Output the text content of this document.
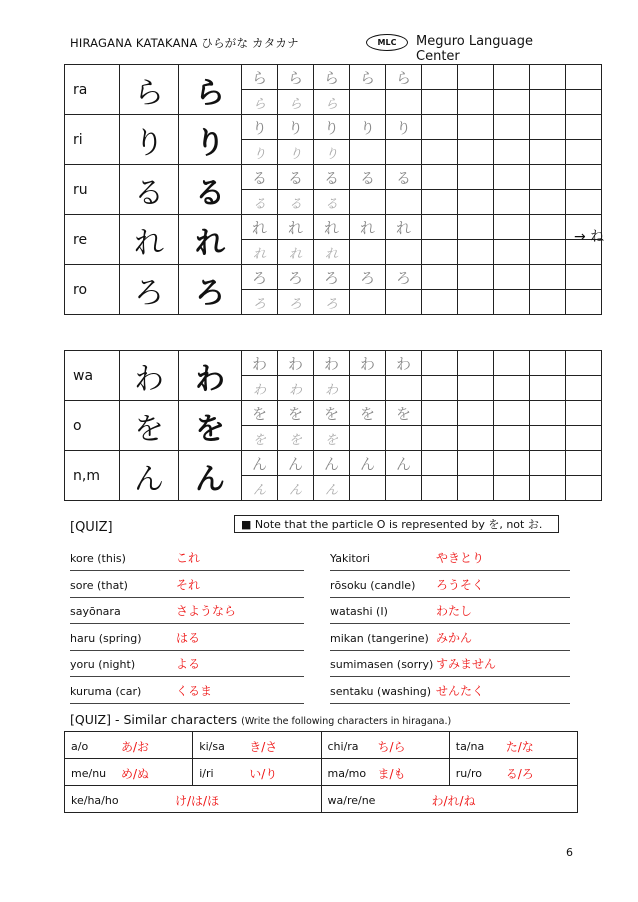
HIRAGANA KATAKANA ひらがな カタカナ	MLC	Meguro Language Center
ra	ら	ら	ら	ら	ら	ら	ら					
			ら	ら	ら							
ri	り	り	り	り	り	り	り					
			り	り	り							
ru	る	る	る	る	る	る	る					
			る	る	る							
re	れ	れ	れ	れ	れ	れ	れ					
			れ	れ	れ							
ro	ろ	ろ	ろ	ろ	ろ	ろ	ろ					
			ろ	ろ	ろ							
→ ね
wa	わ	わ	わ	わ	わ	わ	わ					
			わ	わ	わ							
o	を	を	を	を	を	を	を					
			を	を	を							
n,m	ん	ん	ん	ん	ん	ん	ん					
			ん	ん	ん							
[QUIZ]	■ Note that the particle O is represented by を, not お.
kore (this)	これ	Yakitori	やきとり
sore (that)	それ	rōsoku (candle) ろうそく
sayōnara	さようなら	watashi (I)	わたし
haru (spring)	はる	mikan (tangerine) みかん
yoru (night)	よる	sumimasen (sorry) すみません
kuruma (car)	くるま	sentaku (washing) せんたく
[QUIZ] - Similar characters (Write the following characters in hiragana.)
a/o あ/お	ki/sa き/さ	chi/ra ち/ら	ta/na た/な

me/nu め/ぬ	i/ri い/り	ma/mo ま/も	ru/ro る/ろ

ke/ha/ho け/は/ほ		wa/re/ne わ/れ/ね	
6
